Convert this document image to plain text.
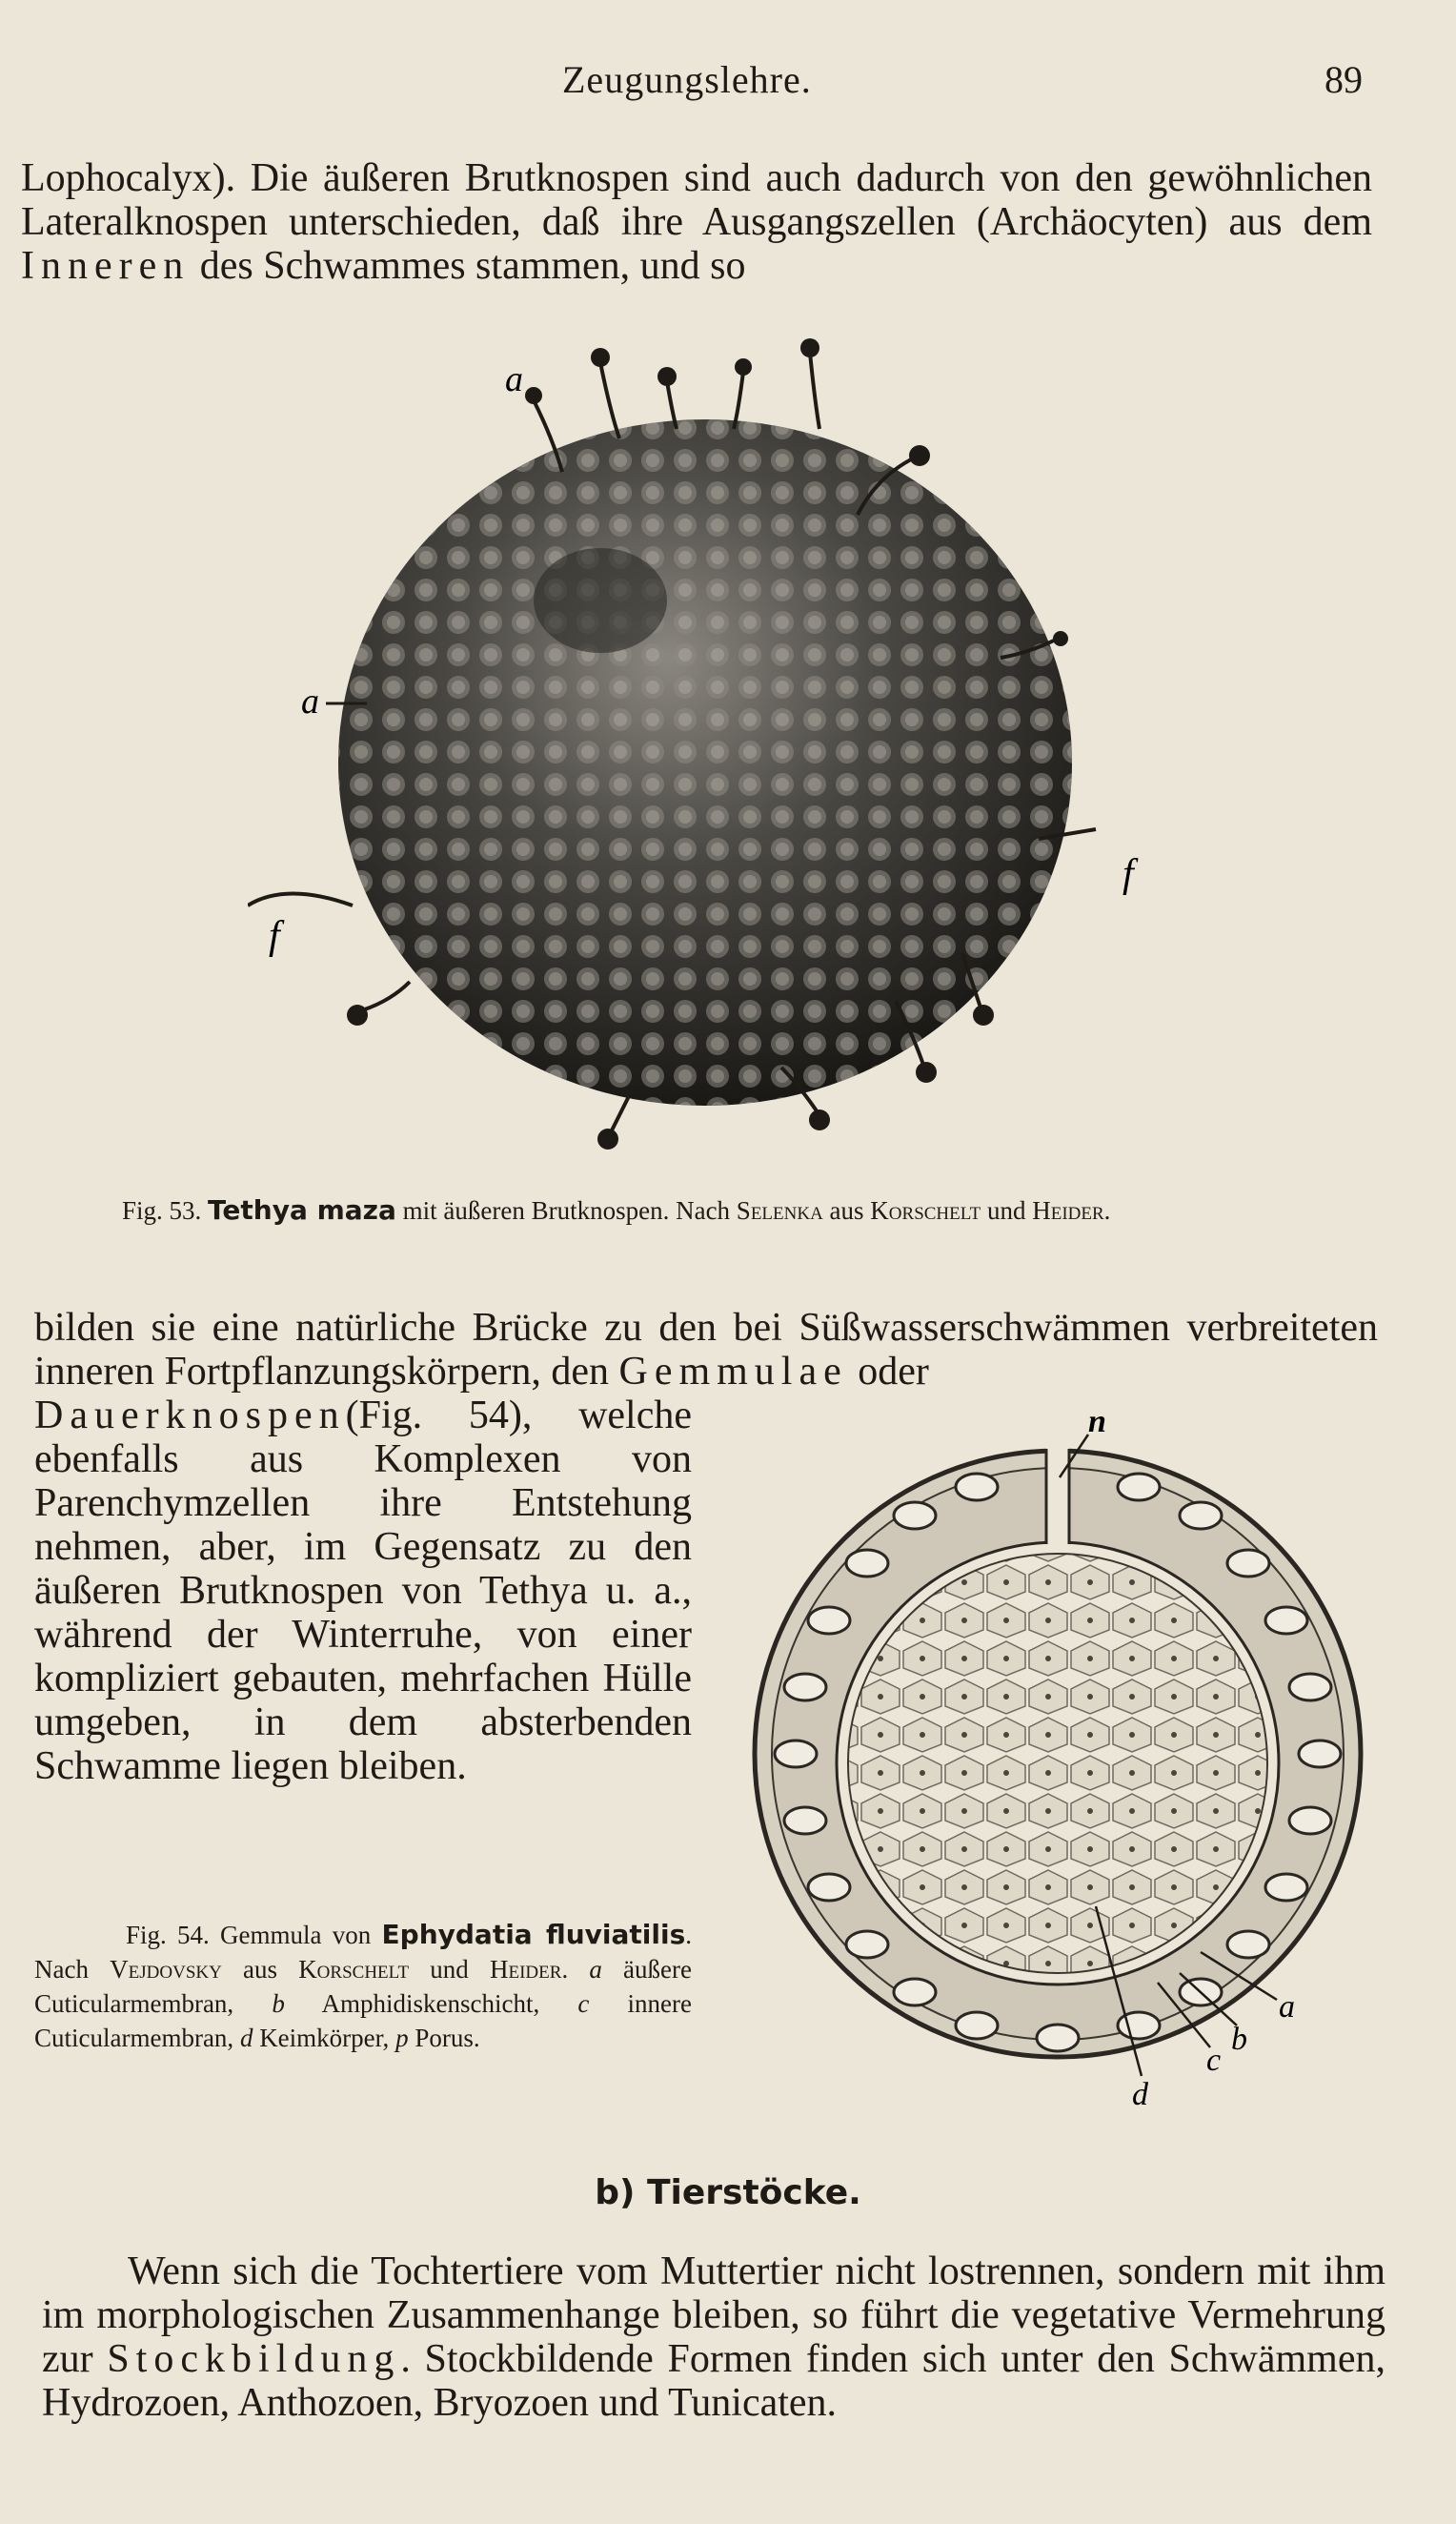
Zeugungslehre.	89

Lophocalyx). Die äußeren Brutknospen sind auch dadurch von den gewöhnlichen Lateralknospen unterschieden, daß ihre Ausgangszellen (Archäocyten) aus dem Inneren des Schwammes stammen, und so

a
a
f
f

Fig. 53. Tethya maza mit äußeren Brutknospen. Nach Selenka aus Korschelt und Heider.

bilden sie eine natürliche Brücke zu den bei Süßwasserschwämmen verbreiteten inneren Fortpflanzungskörpern, den Gemmulae oder

Dauerknospen(Fig. 54), welche ebenfalls aus Komplexen von Parenchymzellen ihre Entstehung nehmen, aber, im Gegensatz zu den äußeren Brutknospen von Tethya u. a., während der Winterruhe, von einer kompliziert gebauten, mehrfachen Hülle umgeben, in dem absterbenden Schwamme liegen bleiben.

n
a
b
c
d

Fig. 54. Gemmula von Ephydatia fluviatilis. Nach Vejdovsky aus Korschelt und Heider. a äußere Cuticularmembran, b Amphidiskenschicht, c innere Cuticularmembran, d Keimkörper, p Porus.

b) Tierstöcke.

Wenn sich die Tochtertiere vom Muttertier nicht lostrennen, sondern mit ihm im morphologischen Zusammenhange bleiben, so führt die vegetative Vermehrung zur Stockbildung. Stockbildende Formen finden sich unter den Schwämmen, Hydrozoen, Anthozoen, Bryozoen und Tunicaten.
